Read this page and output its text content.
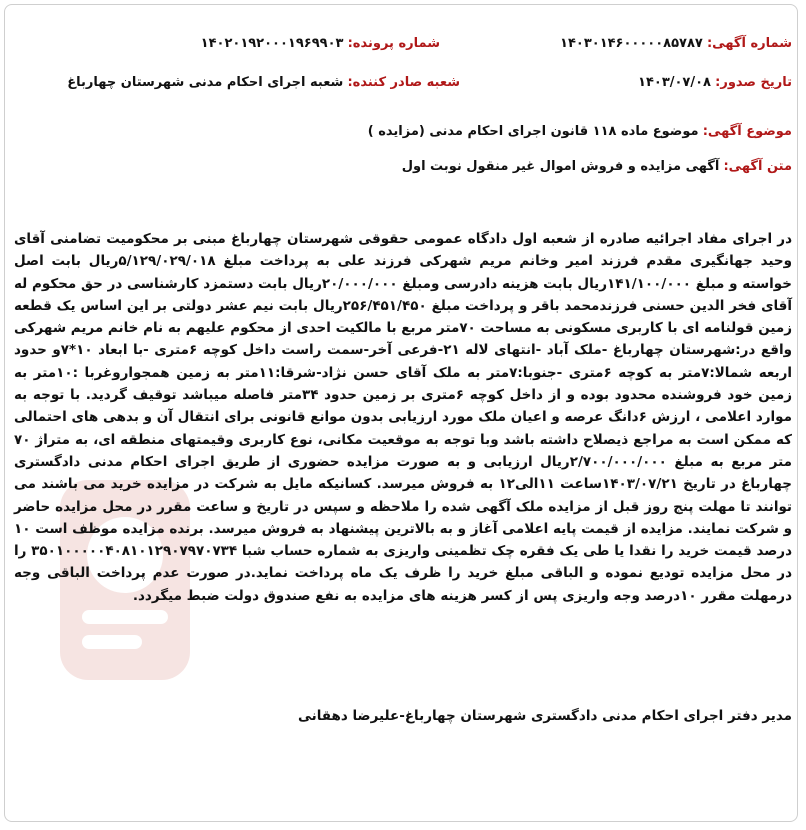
شماره آگهی: ۱۴۰۳۰۱۴۶۰۰۰۰۰۸۵۷۸۷
شماره پرونده: ۱۴۰۲۰۱۹۲۰۰۰۱۹۶۹۹۰۳
تاریخ صدور: ۱۴۰۳/۰۷/۰۸
شعبه صادر کننده: شعبه اجرای احکام مدنی شهرستان چهارباغ
موضوع آگهی: موضوع ماده ۱۱۸ قانون اجرای احکام مدنی (مزایده )
متن آگهی: آگهی مزایده و فروش اموال غیر منقول نوبت اول
در اجرای مفاد اجرائیه صادره از شعبه اول دادگاه عمومی حقوقی شهرستان چهارباغ مبنی بر محکومیت تضامنی آقای وحید جهانگیری مقدم فرزند امیر وخانم مریم شهرکی فرزند علی به پرداخت مبلغ ۵/۱۲۹/۰۲۹/۰۱۸ریال بابت اصل خواسته و مبلغ ۱۴۱/۱۰۰/۰۰۰ریال بابت هزینه دادرسی ومبلغ ۲۰/۰۰۰/۰۰۰ریال بابت دستمزد کارشناسی در حق محکوم له آقای فخر الدین حسنی فرزندمحمد باقر و پرداخت مبلغ ۲۵۶/۴۵۱/۴۵۰ریال بابت نیم عشر دولتی بر این اساس یک قطعه زمین قولنامه ای با کاربری مسکونی به مساحت ۷۰متر مربع با مالکیت احدی از محکوم علیهم به نام خانم مریم شهرکی واقع در:شهرستان چهارباغ -ملک آباد -انتهای لاله ۲۱-فرعی آخر-سمت راست داخل کوچه ۶متری -با ابعاد ۱۰*۷و حدود اربعه شمالا:۷متر به کوچه ۶متری -جنوبا:۷متر به ملک آقای حسن نژاد-شرقا:۱۱متر به زمین همجواروغربا :۱۰متر به زمین خود فروشنده محدود بوده و از داخل کوچه ۶متری بر زمین حدود ۳۴متر فاصله میباشد توقیف گردید. با توجه به موارد اعلامی ، ارزش ۶دانگ عرصه و اعیان ملک مورد ارزیابی بدون موانع قانونی برای انتقال آن و بدهی های احتمالی که ممکن است به مراجع ذیصلاح داشته باشد وبا توجه به موقعیت مکانی، نوع کاربری وقیمتهای منطقه ای، به متراژ ۷۰ متر مربع به مبلغ ۲/۷۰۰/۰۰۰/۰۰۰ریال ارزیابی و به صورت مزایده حضوری از طریق اجرای احکام مدنی دادگستری چهارباغ در تاریخ ۱۴۰۳/۰۷/۲۱ساعت ۱۱الی۱۲ به فروش میرسد. کسانیکه مایل به شرکت در مزایده خرید می باشند می توانند تا مهلت پنج روز قبل از مزایده ملک آگهی شده را ملاحظه و سپس در تاریخ و ساعت مقرر در محل مزایده حاضر و شرکت نمایند. مزایده از قیمت پایه اعلامی آغاز و به بالاترین پیشنهاد به فروش میرسد. برنده مزایده موظف است ۱۰ درصد قیمت خرید را نقدا یا طی یک فقره چک تظمینی واریزی به شماره حساب شبا ۳۵۰۱۰۰۰۰۰۴۰۸۱۰۱۲۹۰۷۹۷۰۷۳۴ را در محل مزایده تودیع نموده و الباقی مبلغ خرید را ظرف یک ماه پرداخت نماید.در صورت عدم پرداخت الباقی وجه درمهلت مقرر ۱۰درصد وجه واریزی پس از کسر هزینه های مزایده به نفع صندوق دولت ضبط میگردد.
مدیر دفتر اجرای احکام مدنی دادگستری شهرستان چهارباغ-علیرضا دهقانی
